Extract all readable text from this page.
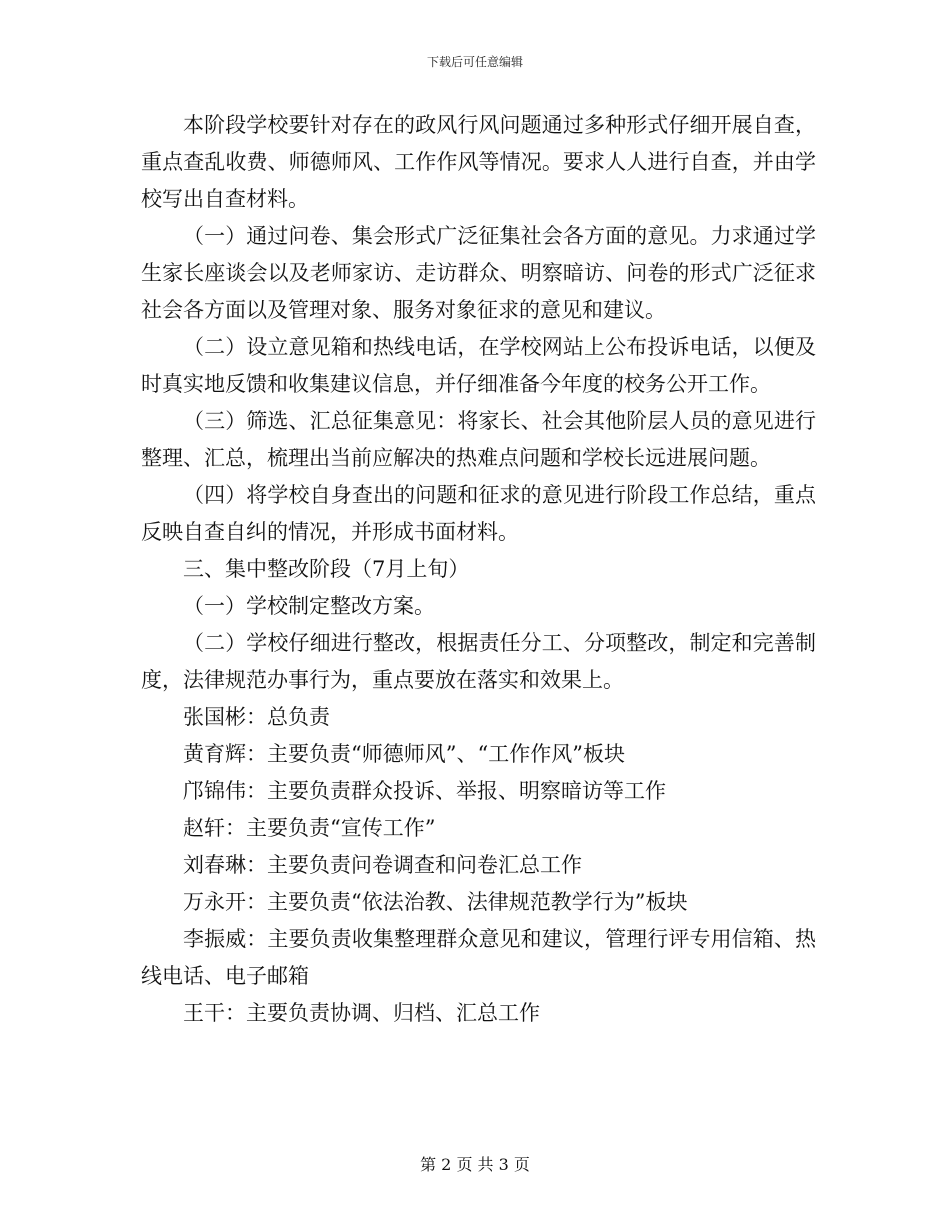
下载后可任意编辑

本阶段学校要针对存在的政风行风问题通过多种形式仔细开展自查，重点查乱收费、师德师风、工作作风等情况。要求人人进行自查，并由学校写出自查材料。

（一）通过问卷、集会形式广泛征集社会各方面的意见。力求通过学生家长座谈会以及老师家访、走访群众、明察暗访、问卷的形式广泛征求社会各方面以及管理对象、服务对象征求的意见和建议。

（二）设立意见箱和热线电话，在学校网站上公布投诉电话，以便及时真实地反馈和收集建议信息，并仔细准备今年度的校务公开工作。

（三）筛选、汇总征集意见：将家长、社会其他阶层人员的意见进行整理、汇总，梳理出当前应解决的热难点问题和学校长远进展问题。

（四）将学校自身查出的问题和征求的意见进行阶段工作总结，重点反映自查自纠的情况，并形成书面材料。

三、集中整改阶段（7月上旬）

（一）学校制定整改方案。

（二）学校仔细进行整改，根据责任分工、分项整改，制定和完善制度，法律规范办事行为，重点要放在落实和效果上。

张国彬：总负责

黄育辉：主要负责“师德师风”、“工作作风”板块

邝锦伟：主要负责群众投诉、举报、明察暗访等工作

赵轩：主要负责“宣传工作”

刘春琳：主要负责问卷调查和问卷汇总工作

万永开：主要负责“依法治教、法律规范教学行为”板块

李振威：主要负责收集整理群众意见和建议，管理行评专用信箱、热线电话、电子邮箱

王干：主要负责协调、归档、汇总工作

第 2 页 共 3 页
